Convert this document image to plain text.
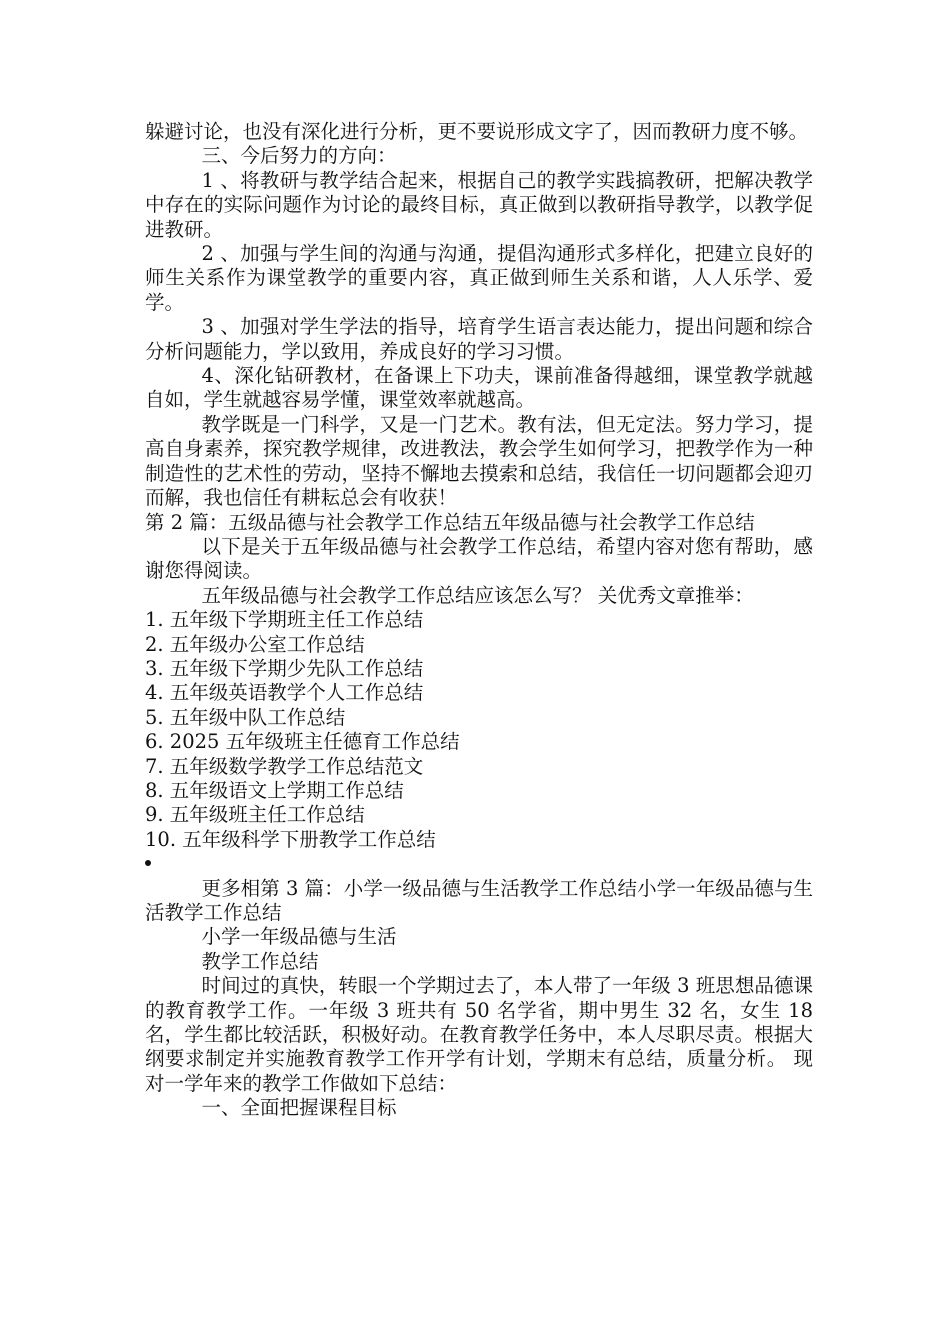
躲避讨论，也没有深化进行分析，更不要说形成文字了，因而教研力度不够。

三、今后努力的方向：

1 、将教研与教学结合起来，根据自己的教学实践搞教研，把解决教学中存在的实际问题作为讨论的最终目标，真正做到以教研指导教学，以教学促进教研。

2 、加强与学生间的沟通与沟通，提倡沟通形式多样化，把建立良好的师生关系作为课堂教学的重要内容，真正做到师生关系和谐，人人乐学、爱学。

3 、加强对学生学法的指导，培育学生语言表达能力，提出问题和综合分析问题能力，学以致用，养成良好的学习习惯。

4、深化钻研教材，在备课上下功夫，课前准备得越细，课堂教学就越自如，学生就越容易学懂，课堂效率就越高。

教学既是一门科学，又是一门艺术。教有法，但无定法。努力学习，提高自身素养，探究教学规律，改进教法，教会学生如何学习，把教学作为一种制造性的艺术性的劳动，坚持不懈地去摸索和总结，我信任一切问题都会迎刃而解，我也信任有耕耘总会有收获！

第 2 篇：五级品德与社会教学工作总结五年级品德与社会教学工作总结

以下是关于五年级品德与社会教学工作总结，希望内容对您有帮助，感谢您得阅读。

五年级品德与社会教学工作总结应该怎么写？ 关优秀文章推举：

1. 五年级下学期班主任工作总结

2. 五年级办公室工作总结

3. 五年级下学期少先队工作总结

4. 五年级英语教学个人工作总结

5. 五年级中队工作总结

6. 2025 五年级班主任德育工作总结

7. 五年级数学教学工作总结范文

8. 五年级语文上学期工作总结

9. 五年级班主任工作总结

10. 五年级科学下册教学工作总结

更多相第 3 篇：小学一级品德与生活教学工作总结小学一年级品德与生活教学工作总结

小学一年级品德与生活

教学工作总结

时间过的真快，转眼一个学期过去了，本人带了一年级 3 班思想品德课的教育教学工作。一年级 3 班共有 50 名学省，期中男生 32 名，女生 18 名，学生都比较活跃，积极好动。在教育教学任务中，本人尽职尽责。根据大纲要求制定并实施教育教学工作开学有计划，学期末有总结，质量分析。 现对一学年来的教学工作做如下总结：

一、全面把握课程目标
